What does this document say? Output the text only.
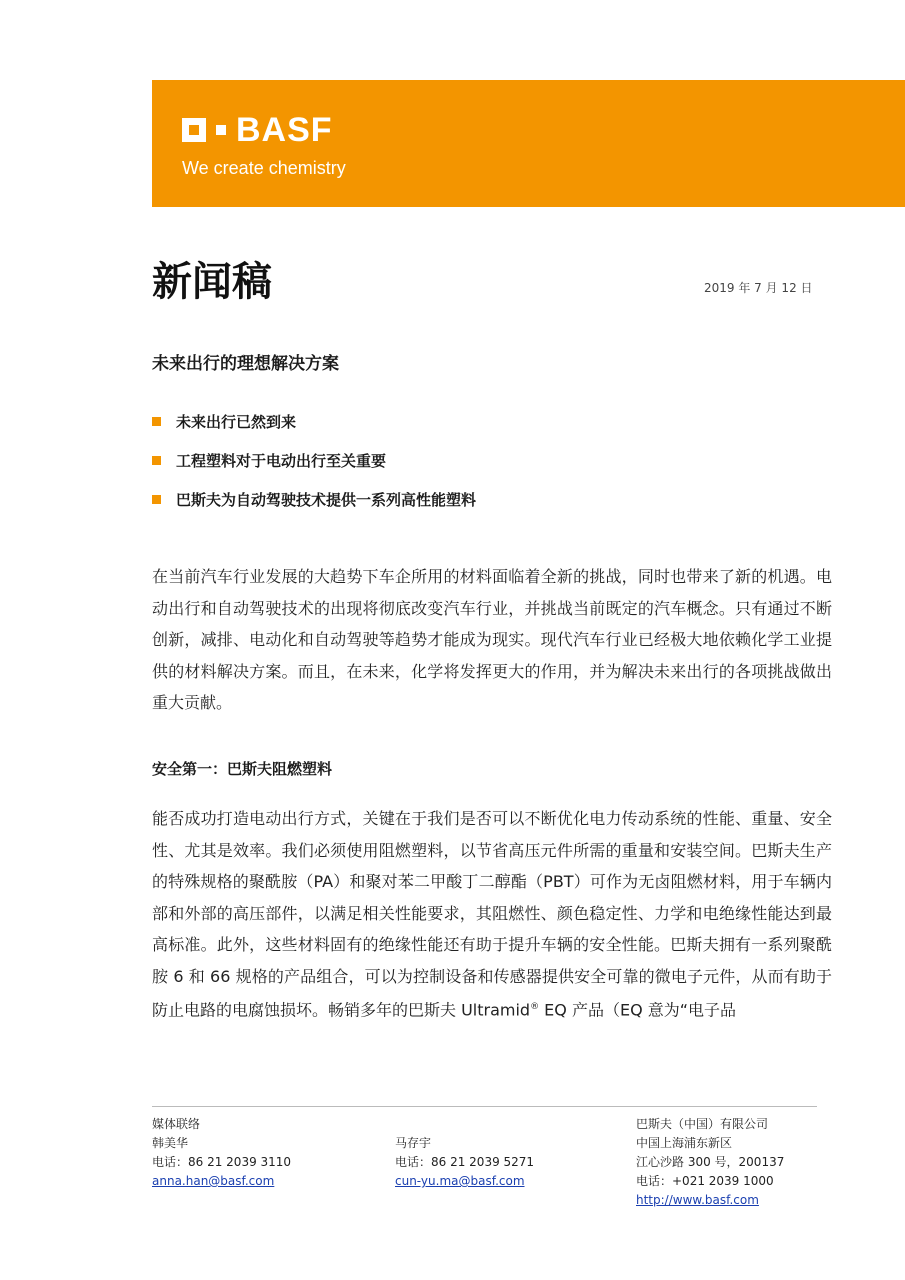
BASF
We create chemistry
新闻稿	2019 年 7 月 12 日
未来出行的理想解决方案
未来出行已然到来
工程塑料对于电动出行至关重要
巴斯夫为自动驾驶技术提供一系列高性能塑料

在当前汽车行业发展的大趋势下车企所用的材料面临着全新的挑战，同时也带来了新的机遇。电动出行和自动驾驶技术的出现将彻底改变汽车行业，并挑战当前既定的汽车概念。只有通过不断创新，减排、电动化和自动驾驶等趋势才能成为现实。现代汽车行业已经极大地依赖化学工业提供的材料解决方案。而且，在未来，化学将发挥更大的作用，并为解决未来出行的各项挑战做出重大贡献。

安全第一：巴斯夫阻燃塑料

能否成功打造电动出行方式，关键在于我们是否可以不断优化电力传动系统的性能、重量、安全性、尤其是效率。我们必须使用阻燃塑料，以节省高压元件所需的重量和安装空间。巴斯夫生产的特殊规格的聚酰胺（PA）和聚对苯二甲酸丁二醇酯（PBT）可作为无卤阻燃材料，用于车辆内部和外部的高压部件，以满足相关性能要求，其阻燃性、颜色稳定性、力学和电绝缘性能达到最高标准。此外，这些材料固有的绝缘性能还有助于提升车辆的安全性能。巴斯夫拥有一系列聚酰胺 6 和 66 规格的产品组合，可以为控制设备和传感器提供安全可靠的微电子元件，从而有助于防止电路的电腐蚀损坏。畅销多年的巴斯夫 Ultramid® EQ 产品（EQ 意为“电子品

媒体联络
韩美华
电话：86 21 2039 3110
anna.han@basf.com
马存宇
电话：86 21 2039 5271
cun-yu.ma@basf.com
巴斯夫（中国）有限公司
中国上海浦东新区
江心沙路 300 号，200137
电话：+021 2039 1000
http://www.basf.com
